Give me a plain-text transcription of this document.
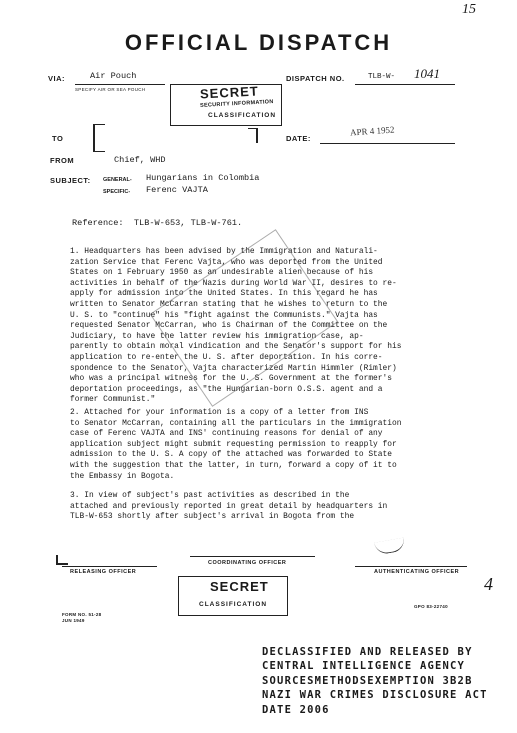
15
OFFICIAL DISPATCH
VIA:	Air Pouch
SPECIFY AIR OR SEA POUCH
DISPATCH NO.	TLB-W- 1041
SECRET
SECURITY INFORMATION
CLASSIFICATION
TO	DATE:
APR 4 1952
FROM	Chief, WHD
SUBJECT: GENERAL- Hungarians in Colombia
SPECIFIC- Ferenc VAJTA
Reference:  TLB-W-653, TLB-W-761.
1. Headquarters has been advised by the Immigration and Naturali-
zation Service that Ferenc Vajta, who was deported from the United
States on 1 February 1950 as an undesirable alien because of his
activities in behalf of the Nazis during World War II, desires to re-
apply for admission into the United States. In this regard he has
written to Senator McCarran stating that he wishes to return to the
U. S. to "continue" his "fight against the Communists." Vajta has
requested Senator McCarran, who is Chairman of the Committee on the
Judiciary, to have the latter review his immigration case, ap-
parently to obtain moral vindication and the Senator's support for his
application to re-enter the U. S. after deportation. In his corre-
spondence to the Senator, Vajta characterized Martin Himmler (Rimler)
who was a principal witness for the U. S. Government at the former's
deportation proceedings, as "the Hungarian-born O.S.S. agent and a
former Communist."
2. Attached for your information is a copy of a letter from INS
to Senator McCarran, containing all the particulars in the immigration
case of Ferenc VAJTA and INS' continuing reasons for denial of any
application subject might submit requesting permission to reapply for
admission to the U. S. A copy of the attached was forwarded to State
with the suggestion that the latter, in turn, forward a copy of it to
the Embassy in Bogota.
3. In view of subject's past activities as described in the
attached and previously reported in great detail by headquarters in
TLB-W-653 shortly after subject's arrival in Bogota from the
RELEASING OFFICER
COORDINATING OFFICER
AUTHENTICATING OFFICER
4
SECRET
CLASSIFICATION
FORM NO. 51-28
JUN 1949
GPO 83-22740
DECLASSIFIED AND RELEASED BY
CENTRAL INTELLIGENCE AGENCY
SOURCESMETHODSEXEMPTION 3B2B
NAZI WAR CRIMES DISCLOSURE ACT
DATE 2006
